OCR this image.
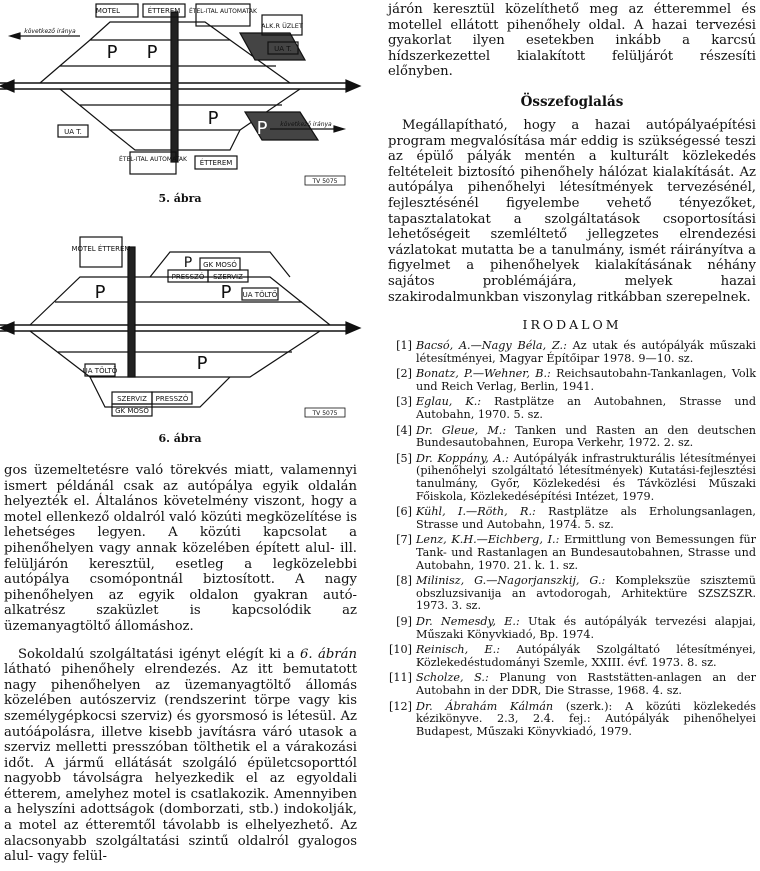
MOTEL	ÉTTEREM ÉTEL-ITAL AUTOMATAK
ALK.R ÜZLET
következő iránya
UA T.
UA T.
következő iránya
ÉTEL-ITAL AUTOMATAK ÉTTEREM
TV 5075
P P
P P
5. ábra
MOTEL ÉTTEREM
GK MOSÓ
PRESSZÓ SZERVIZ
UA TÖLTŐ
UA TÖLTŐ
SZERVIZ PRESSZÓ
GK MOSÓ	TV 5075
P
P	P
P
6. ábra

gos üzemeltetésre való törekvés miatt, valamennyi ismert példánál csak az autópálya egyik oldalán helyezték el. Általános követelmény viszont, hogy a motel ellenkező oldalról való közúti megközelítése is lehetséges legyen. A közúti kapcsolat a pihenőhelyen vagy annak közelében épített alul- ill. felüljárón keresztül, esetleg a legközelebbi autópálya csomópontnál biztosított. A nagy pihenőhelyen az egyik oldalon gyakran autó-alkatrész szaküzlet is kapcsolódik az üzemanyagtöltő állomáshoz.

Sokoldalú szolgáltatási igényt elégít ki a 6. ábrán látható pihenőhely elrendezés. Az itt bemutatott nagy pihenőhelyen az üzemanyagtöltő állomás közelében autószerviz (rendszerint törpe vagy kis személygépkocsi szerviz) és gyorsmosó is létesül. Az autóápolásra, illetve kisebb javításra váró utasok a szerviz melletti presszóban tölthetik el a várakozási időt. A jármű ellátását szolgáló épületcsoporttól nagyobb távolságra helyezkedik el az egyoldali étterem, amelyhez motel is csatlakozik. Amennyiben a helyszíni adottságok (domborzati, stb.) indokolják, a motel az étteremtől távolabb is elhelyezhető. Az alacsonyabb szolgáltatási szintű oldalról gyalogos alul- vagy felül-

járón keresztül közelíthető meg az étteremmel és motellel ellátott pihenőhely oldal. A hazai tervezési gyakorlat ilyen esetekben inkább a karcsú hídszerkezettel kialakított felüljárót részesíti előnyben.

Összefoglalás

Megállapítható, hogy a hazai autópályaépítési program megvalósítása már eddig is szükségessé teszi az épülő pályák mentén a kulturált közlekedés feltételeit biztosító pihenőhely hálózat kialakítását. Az autópálya pihenőhelyi létesítmények tervezésénél, fejlesztésénél figyelembe vehető tényezőket, tapasztalatokat a szolgáltatások csoportosítási lehetőségeit szemléltető jellegzetes elrendezési vázlatokat mutatta be a tanulmány, ismét ráirányítva a figyelmet a pihenőhelyek kialakításának néhány sajátos problémájára, melyek hazai szakirodalmunkban viszonylag ritkábban szerepelnek.

IRODALOM
[1] Bacsó, A.—Nagy Béla, Z.: Az utak és autópályák műszaki létesítményei, Magyar Építőipar 1978. 9—10. sz.
[2] Bonatz, P.—Wehner, B.: Reichsautobahn-Tankanlagen, Volk und Reich Verlag, Berlin, 1941.
[3] Eglau, K.: Rastplätze an Autobahnen, Strasse und Autobahn, 1970. 5. sz.
[4] Dr. Gleue, M.: Tanken und Rasten an den deutschen Bundesautobahnen, Europa Verkehr, 1972. 2. sz.
[5] Dr. Koppány, A.: Autópályák infrastrukturális létesítményei (pihenőhelyi szolgáltató létesítmények) Kutatási-fejlesztési tanulmány, Győr, Közlekedési és Távközlési Műszaki Főiskola, Közlekedésépítési Intézet, 1979.
[6] Kühl, I.—Röth, R.: Rastplätze als Erholungsanlagen, Strasse und Autobahn, 1974. 5. sz.
[7] Lenz, K.H.—Eichberg, I.: Ermittlung von Bemessungen für Tank- und Rastanlagen an Bundesautobahnen, Strasse und Autobahn, 1970. 21. k. 1. sz.
[8] Milinisz, G.—Nagorjanszkij, G.: Komplekszüe szisztemü obszluzsivanija an avtodorogah, Arhitektüre SZSZSZR. 1973. 3. sz.
[9] Dr. Nemesdy, E.: Utak és autópályák tervezési alapjai, Műszaki Könyvkiadó, Bp. 1974.
[10] Reinisch, E.: Autópályák Szolgáltató létesítményei, Közlekedéstudományi Szemle, XXIII. évf. 1973. 8. sz.
[11] Scholze, S.: Planung von Raststätten-anlagen an der Autobahn in der DDR, Die Strasse, 1968. 4. sz.
[12] Dr. Ábrahám Kálmán (szerk.): A közúti közlekedés kézikönyve. 2.3, 2.4. fej.: Autópályák pihenőhelyei Budapest, Műszaki Könyvkiadó, 1979.
